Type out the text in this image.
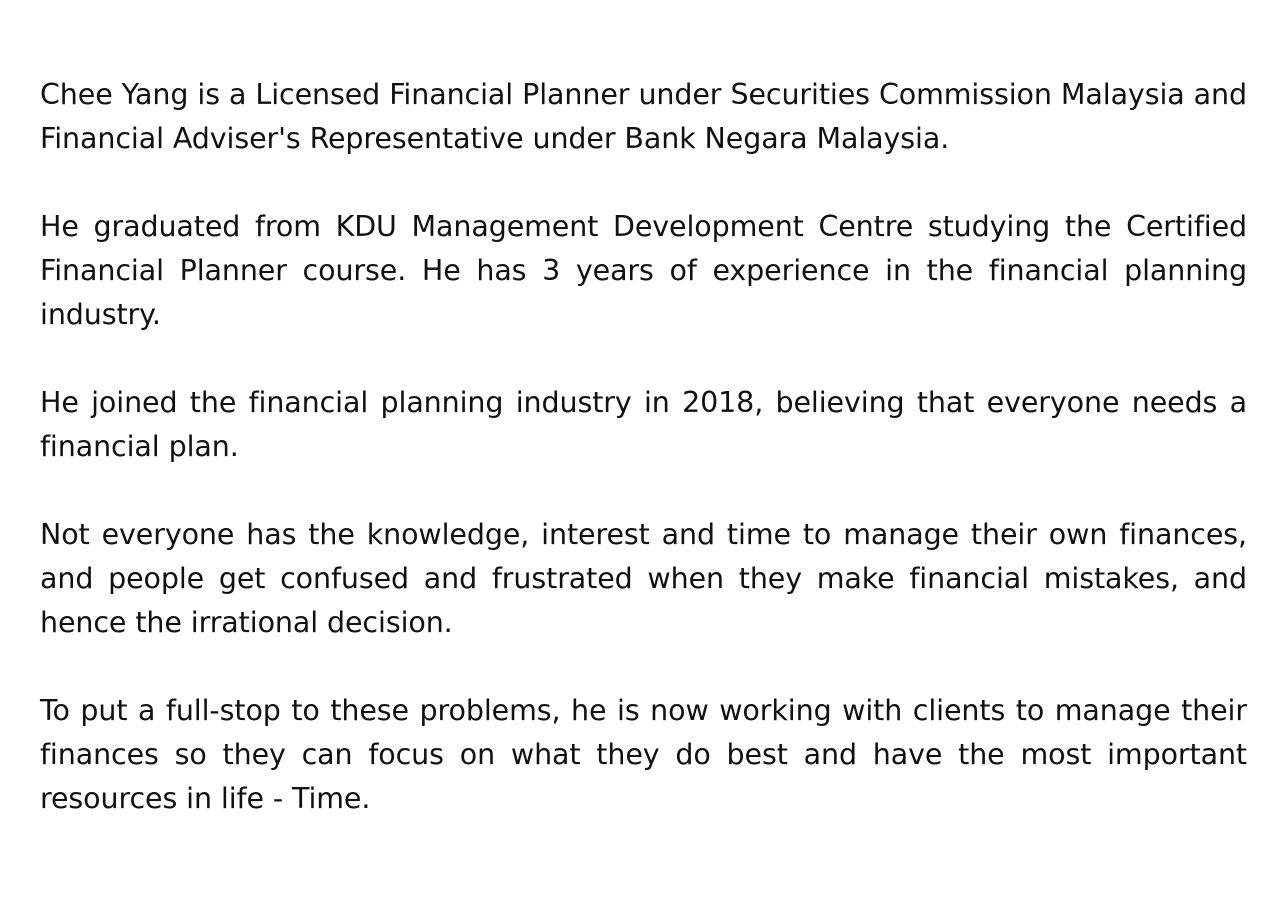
Chee Yang is a Licensed Financial Planner under Securities Commission Malaysia and Financial Adviser's Representative under Bank Negara Malaysia.

He graduated from KDU Management Development Centre studying the Certified Financial Planner course. He has 3 years of experience in the financial planning industry.

He joined the financial planning industry in 2018, believing that everyone needs a financial plan.

Not everyone has the knowledge, interest and time to manage their own finances, and people get confused and frustrated when they make financial mistakes, and hence the irrational decision.

To put a full-stop to these problems, he is now working with clients to manage their finances so they can focus on what they do best and have the most important resources in life - Time.
